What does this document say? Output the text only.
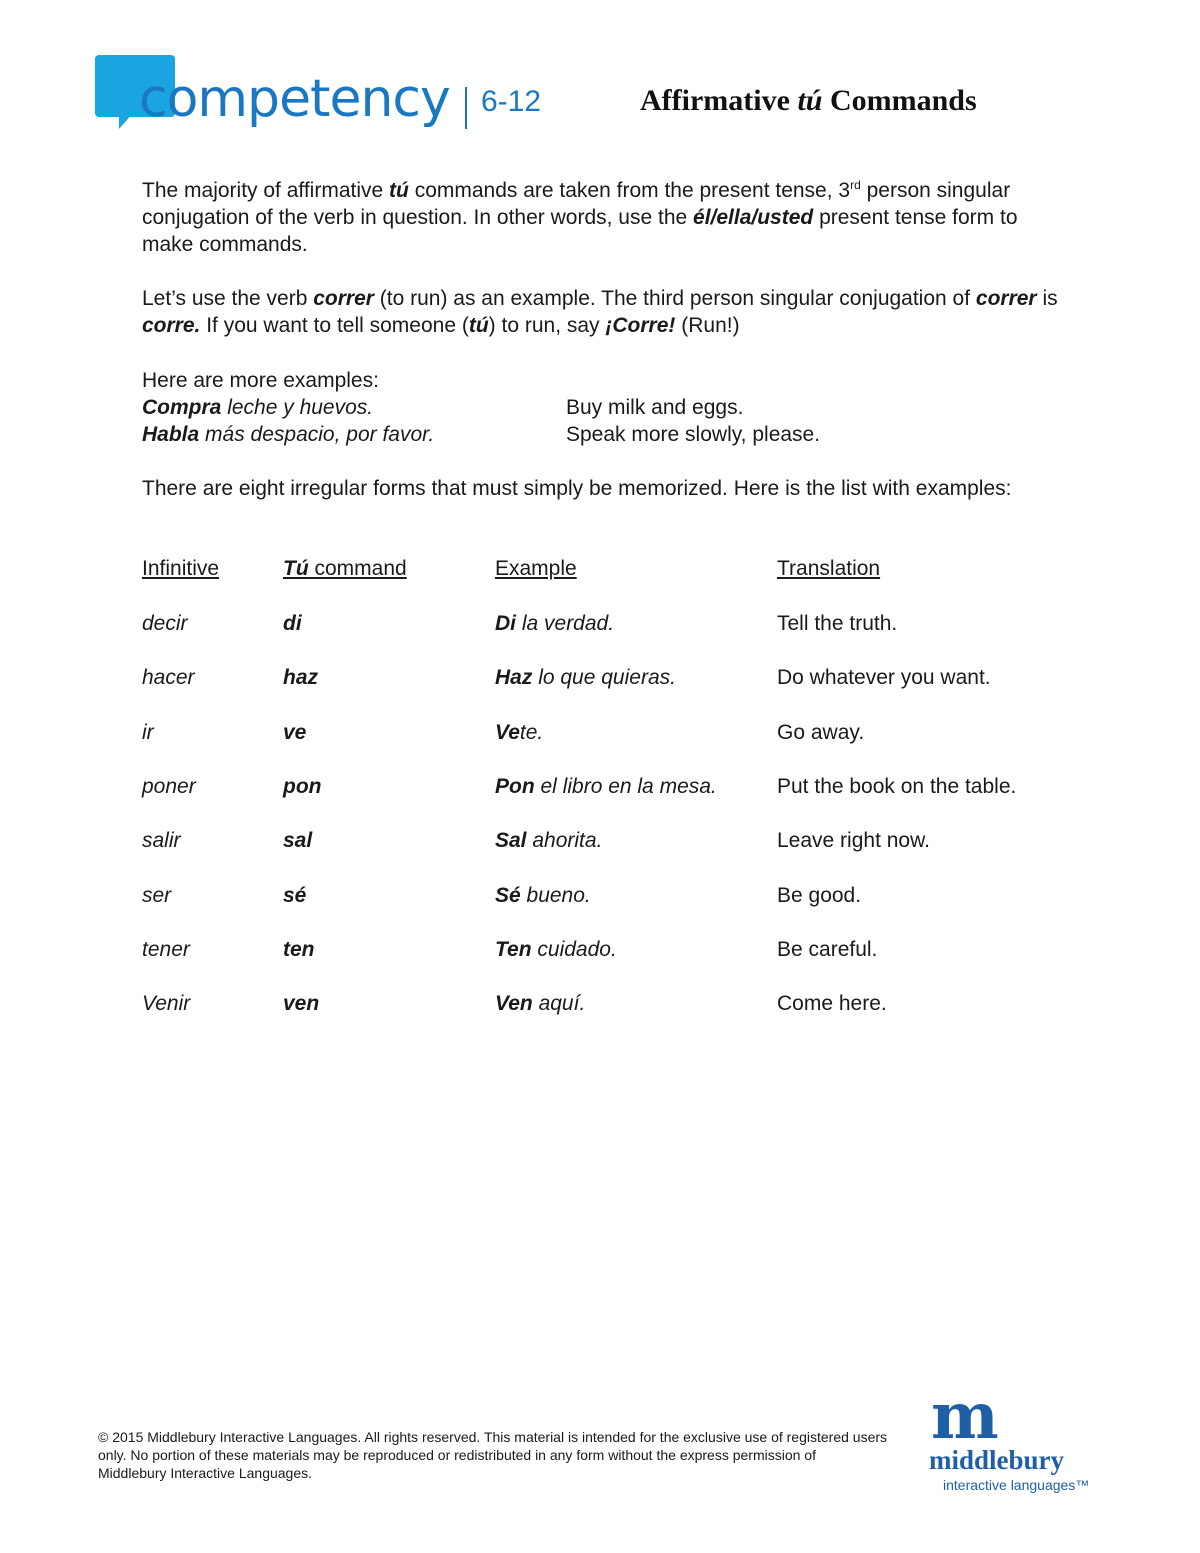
competency 6-12	Affirmative tú Commands
The majority of affirmative tú commands are taken from the present tense, 3rd person singular conjugation of the verb in question. In other words, use the él/ella/usted present tense form to make commands.
Let’s use the verb correr (to run) as an example. The third person singular conjugation of correr is corre. If you want to tell someone (tú) to run, say ¡Corre! (Run!)
Here are more examples:
Compra leche y huevos.	Buy milk and eggs.
Habla más despacio, por favor.	Speak more slowly, please.
There are eight irregular forms that must simply be memorized. Here is the list with examples:
Infinitive	Tú command	Example	Translation
decir	di	Di la verdad.	Tell the truth.
hacer	haz	Haz lo que quieras.	Do whatever you want.
ir	ve	Vete.	Go away.
poner	pon	Pon el libro en la mesa.	Put the book on the table.
salir	sal	Sal ahorita.	Leave right now.
ser	sé	Sé bueno.	Be good.
tener	ten	Ten cuidado.	Be careful.
Venir	ven	Ven aquí.	Come here.
© 2015 Middlebury Interactive Languages. All rights reserved. This material is intended for the exclusive use of registered users only. No portion of these materials may be reproduced or redistributed in any form without the express permission of Middlebury Interactive Languages.
m
middlebury
interactive languages™
